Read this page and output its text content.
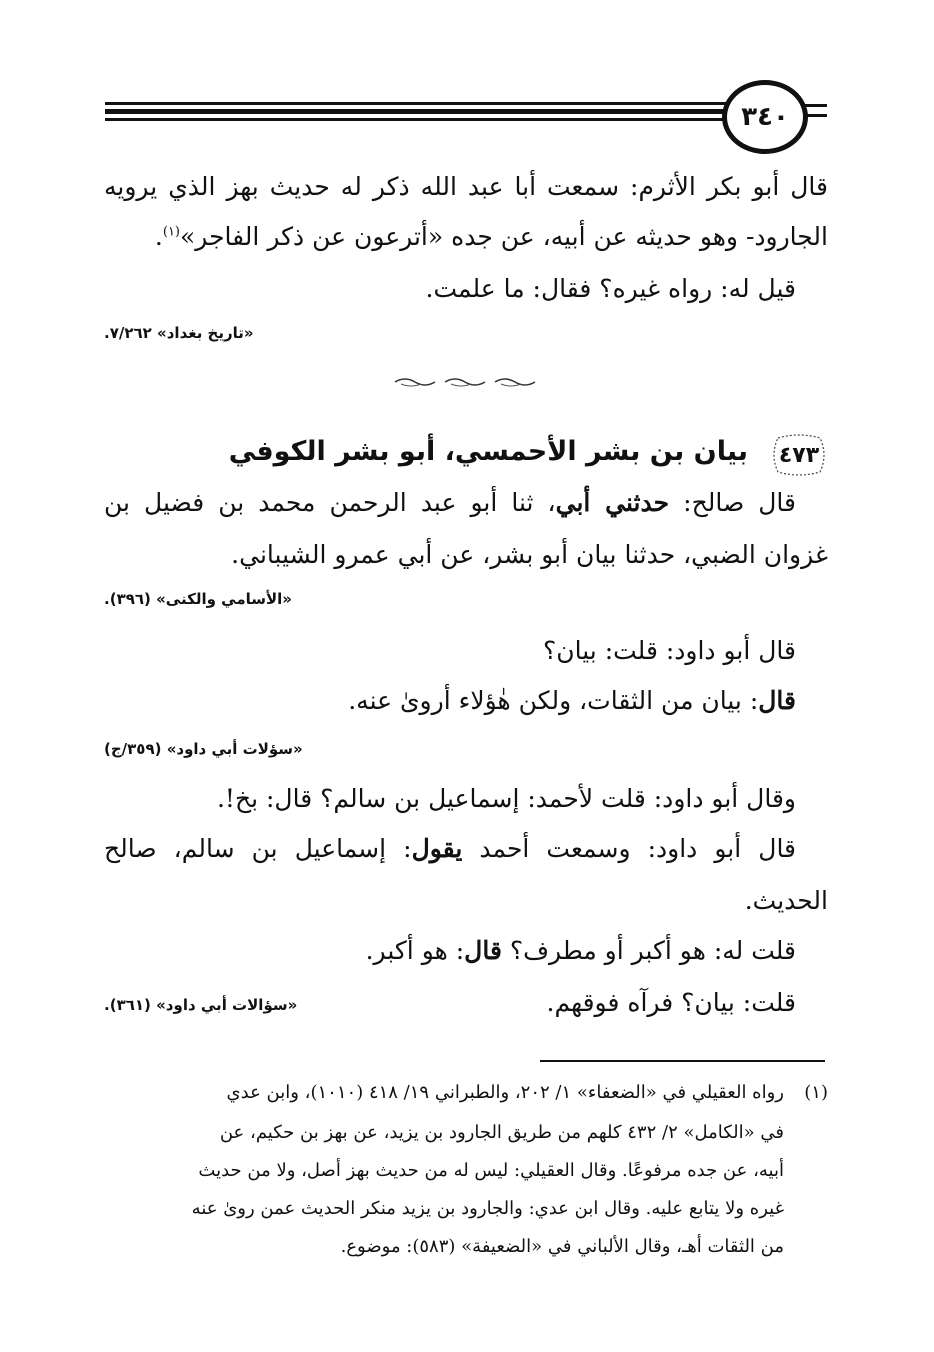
٣٤٠
قال أبو بكر الأثرم: سمعت أبا عبد الله ذكر له حديث بهز الذي يرويه
الجارود- وهو حديثه عن أبيه، عن جده «أترعون عن ذكر الفاجر»$^{(١)}$.
قيل له: رواه غيره؟ فقال: ما علمت.
«تاريخ بغداد» ٧/٢٦٢.
٤٧٣
بيان بن بشر الأحمسي، أبو بشر الكوفي
قال صالح: حدثني أبي، ثنا أبو عبد الرحمن محمد بن فضيل بن
غزوان الضبي، حدثنا بيان أبو بشر، عن أبي عمرو الشيباني.
«الأسامي والكنى» (٣٩٦).
قال أبو داود: قلت: بيان؟
قال: بيان من الثقات، ولكن هٰؤلاء أروىٰ عنه.
«سؤلات أبي داود» (٣٥٩/ج)
وقال أبو داود: قلت لأحمد: إسماعيل بن سالم؟ قال: بخ!.
قال أبو داود: وسمعت أحمد يقول: إسماعيل بن سالم، صالح
الحديث.
قلت له: هو أكبر أو مطرف؟ قال: هو أكبر.
قلت: بيان؟ فرآه فوقهم.
«سؤالات أبي داود» (٣٦١).
(١)
رواه العقيلي في «الضعفاء» ١/ ٢٠٢، والطبراني ١٩/ ٤١٨ (١٠١٠)، وابن عدي
في «الكامل» ٢/ ٤٣٢ كلهم من طريق الجارود بن يزيد، عن بهز بن حكيم، عن
أبيه، عن جده مرفوعًا. وقال العقيلي: ليس له من حديث بهز أصل، ولا من حديث
غيره ولا يتابع عليه. وقال ابن عدي: والجارود بن يزيد منكر الحديث عمن روىٰ عنه
من الثقات أهـ، وقال الألباني في «الضعيفة» (٥٨٣): موضوع.
